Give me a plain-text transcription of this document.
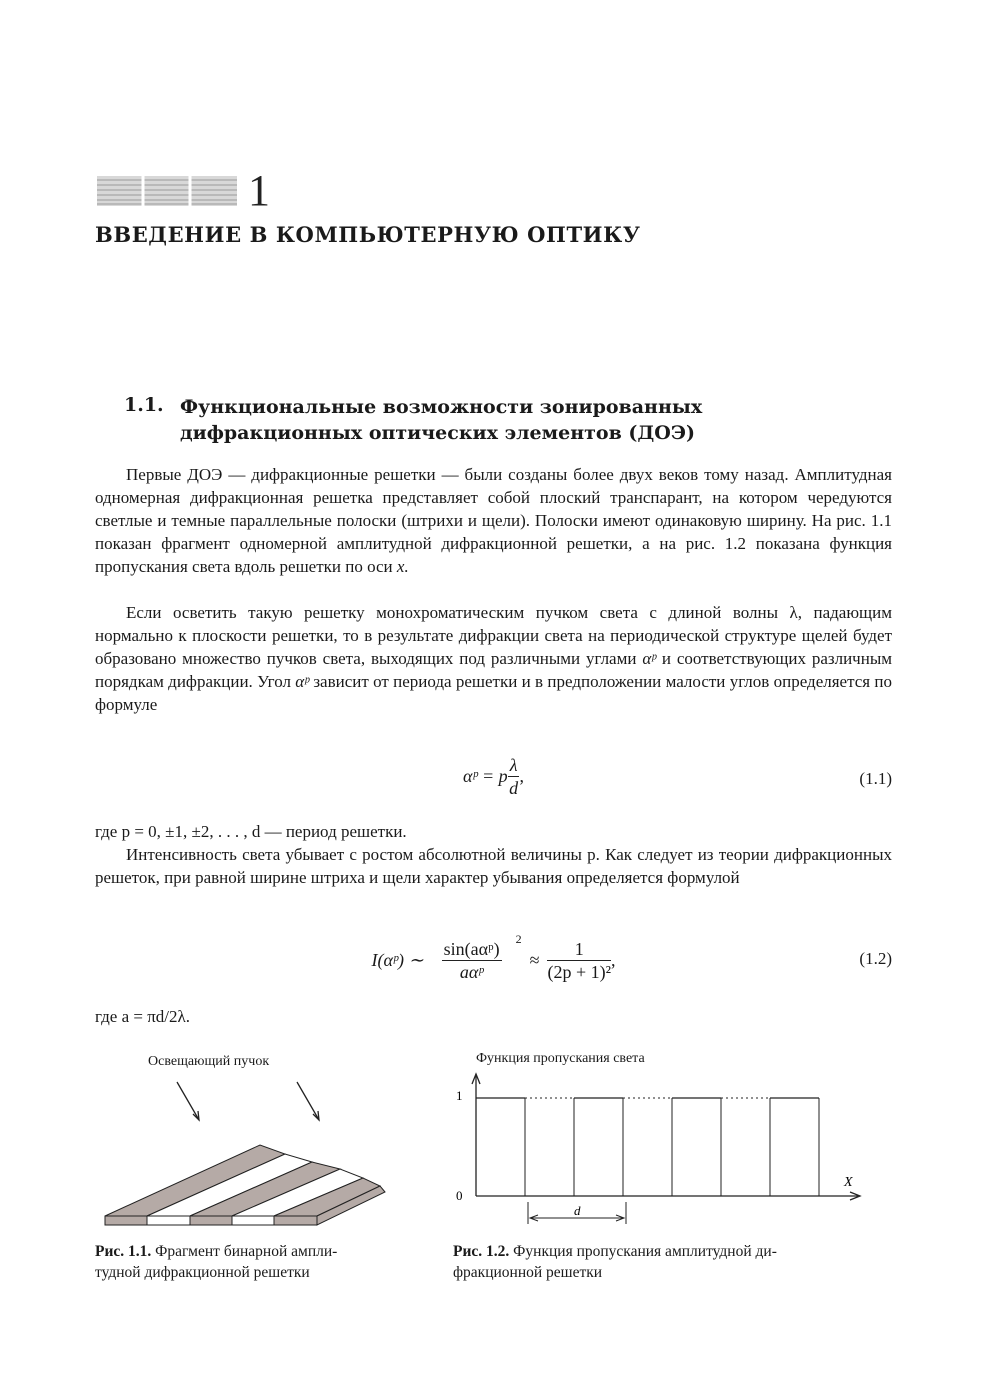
1
ВВЕДЕНИЕ В КОМПЬЮТЕРНУЮ ОПТИКУ
1.1. Функциональные возможности зонированных
дифракционных оптических элементов (ДОЭ)
Первые ДОЭ — дифракционные решетки — были созданы более двух веков тому назад. Амплитудная одномерная дифракционная решетка представляет собой плоский транспарант, на котором чередуются светлые и темные параллельные полоски (штрихи и щели). Полоски имеют одинаковую ширину. На рис. 1.1 показан фрагмент одномерной амплитудной дифракционной решетки, а на рис. 1.2 показана функция пропускания света вдоль решетки по оси x.
Если осветить такую решетку монохроматическим пучком света с длиной волны λ, падающим нормально к плоскости решетки, то в результате дифракции света на периодической структуре щелей будет образовано множество пучков света, выходящих под различными углами αᵖ и соответствующих различным порядкам дифракции. Угол αᵖ зависит от периода решетки и в предположении малости углов определяется по формуле
αᵖ = p $\frac{\lambda}{d}$ ,	(1.1)
где p = 0, ±1, ±2, . . . , d — период решетки.
Интенсивность света убывает с ростом абсолютной величины p. Как следует из теории дифракционных решеток, при равной ширине штриха и щели характер убывания определяется формулой
I(αᵖ) ∼ $\frac{\text{sin(aαᵖ)}}{\text{aαᵖ}} ^2\approx \frac{1}{\text{(2p + 1)²}}$ ,	(1.2)
где a = πd/2λ.
Освещающий пучок
Рис. 1.1. Фрагмент бинарной ампли-
тудной дифракционной решетки
Функция пропускания света
1
0
X
d
Рис. 1.2. Функция пропускания амплитудной ди-
фракционной решетки
